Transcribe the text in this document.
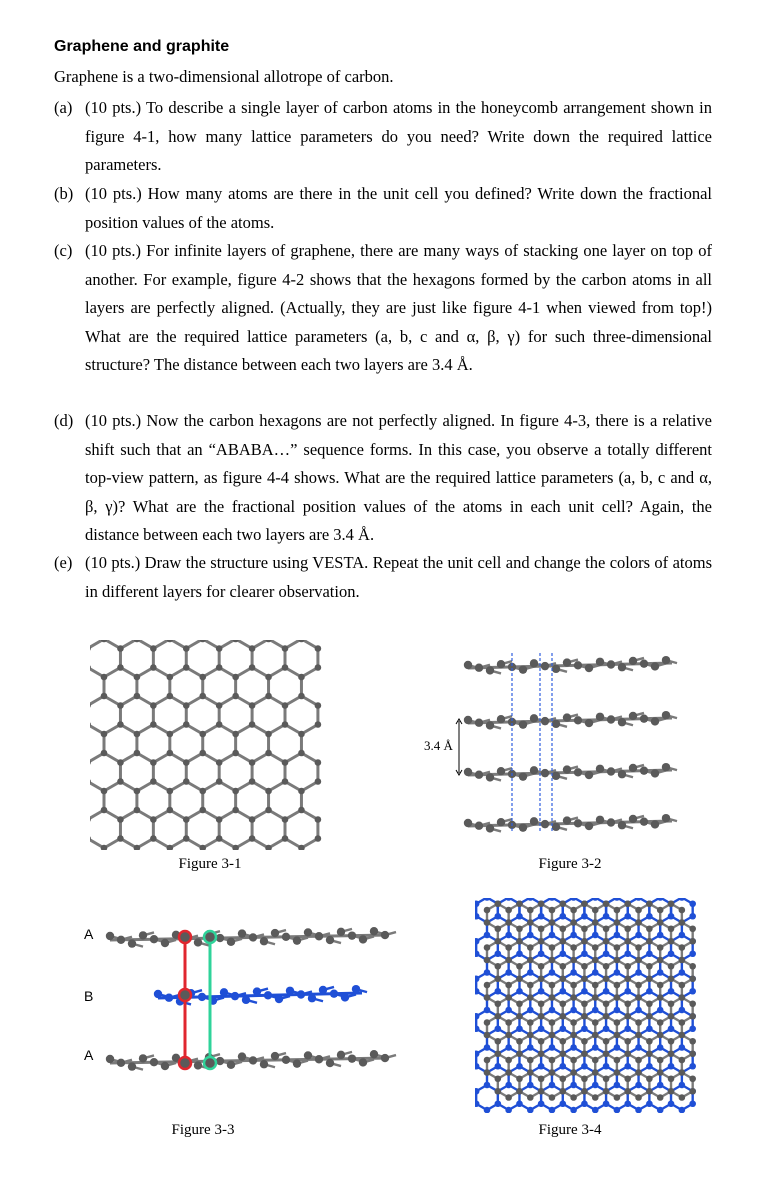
Graphene and graphite
Graphene is a two-dimensional allotrope of carbon.
(a) (10 pts.) To describe a single layer of carbon atoms in the honeycomb arrangement shown in figure 4-1, how many lattice parameters do you need? Write down the required lattice parameters.
(b) (10 pts.) How many atoms are there in the unit cell you defined? Write down the fractional position values of the atoms.
(c) (10 pts.) For infinite layers of graphene, there are many ways of stacking one layer on top of another. For example, figure 4-2 shows that the hexagons formed by the carbon atoms in all layers are perfectly aligned. (Actually, they are just like figure 4-1 when viewed from top!) What are the required lattice parameters (a, b, c and α, β, γ) for such three-dimensional structure? The distance between each two layers are 3.4 Å.
(d) (10 pts.) Now the carbon hexagons are not perfectly aligned. In figure 4-3, there is a relative shift such that an “ABABA…” sequence forms. In this case, you observe a totally different top-view pattern, as figure 4-4 shows. What are the required lattice parameters (a, b, c and α, β, γ)? What are the fractional position values of the atoms in each unit cell? Again, the distance between each two layers are 3.4 Å.
(e) (10 pts.) Draw the structure using VESTA. Repeat the unit cell and change the colors of atoms in different layers for clearer observation.
Figure 3-1
3.4 Å
Figure 3-2
A
B
A
Figure 3-3	Figure 3-4
